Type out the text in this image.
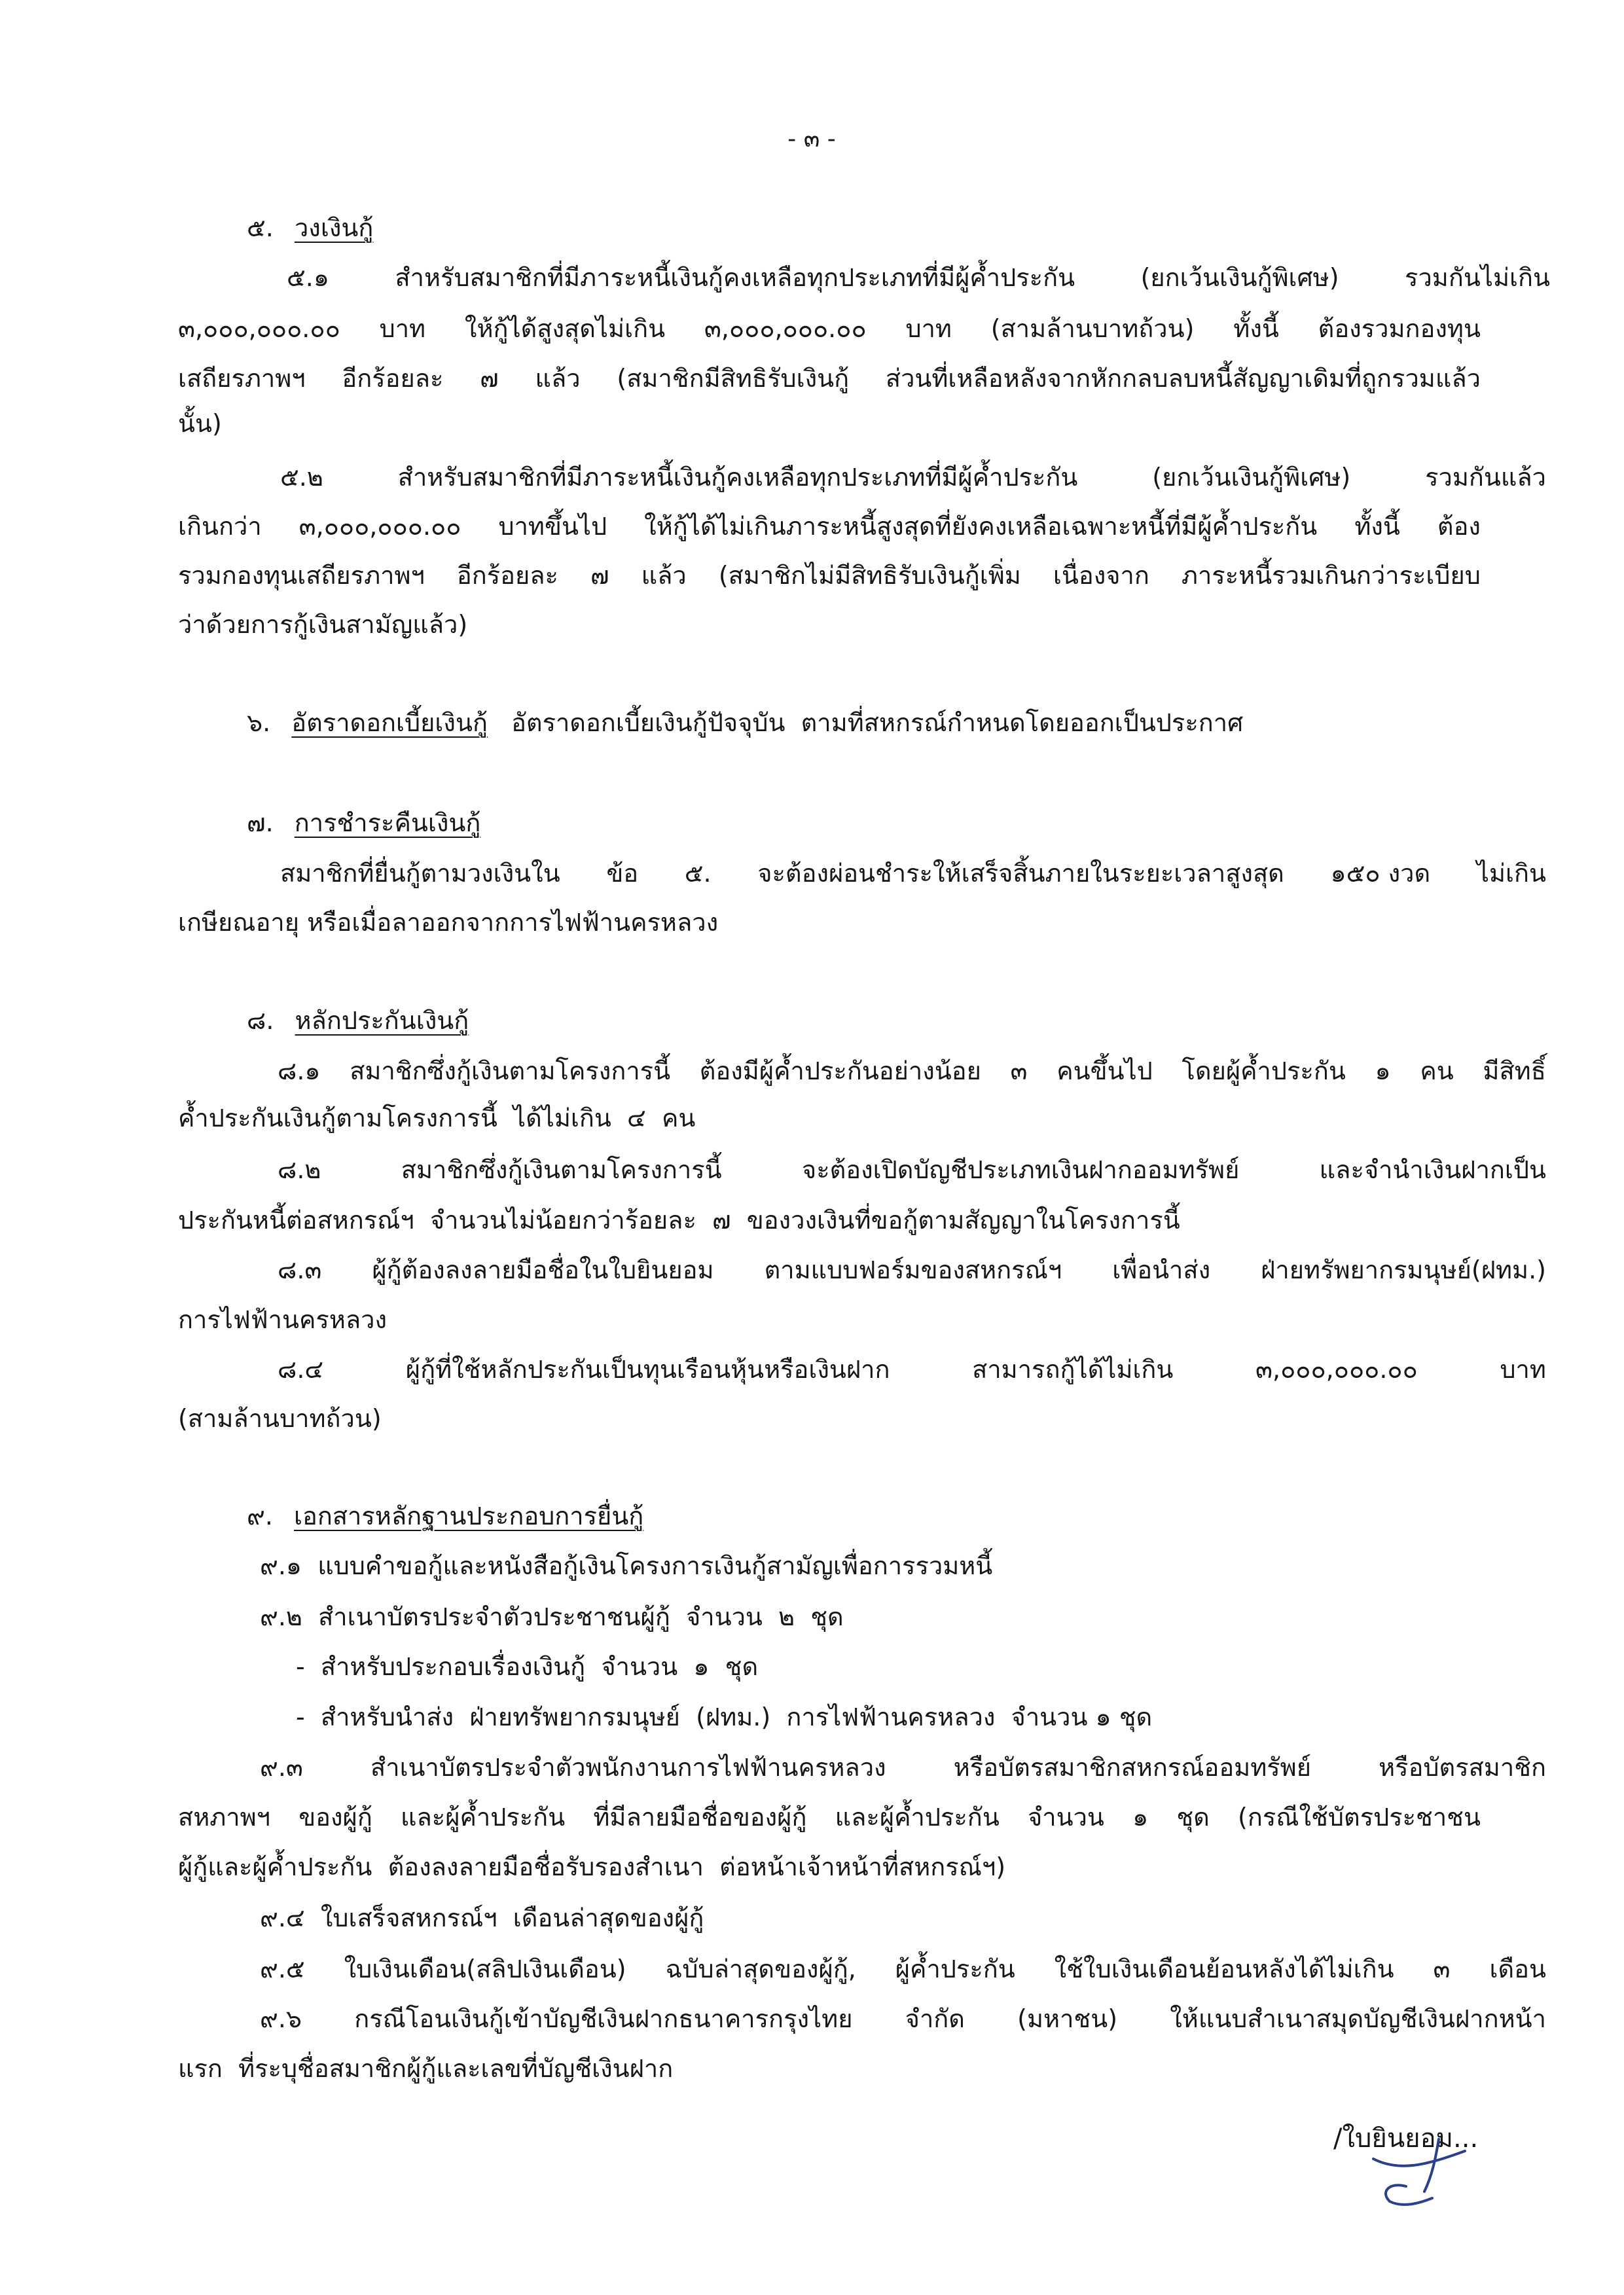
- ๓ -
๕. วงเงินกู้
๕.๑	สำหรับสมาชิกที่มีภาระหนี้เงินกู้คงเหลือทุกประเภทที่มีผู้ค้ำประกัน	(ยกเว้นเงินกู้พิเศษ)	รวมกันไม่เกิน
๓,๐๐๐,๐๐๐.๐๐ บาท ให้กู้ได้สูงสุดไม่เกิน ๓,๐๐๐,๐๐๐.๐๐ บาท (สามล้านบาทถ้วน) ทั้งนี้ ต้องรวมกองทุน
เสถียรภาพฯ อีกร้อยละ ๗ แล้ว (สมาชิกมีสิทธิรับเงินกู้ ส่วนที่เหลือหลังจากหักกลบลบหนี้สัญญาเดิมที่ถูกรวมแล้ว
นั้น)
๕.๒	สำหรับสมาชิกที่มีภาระหนี้เงินกู้คงเหลือทุกประเภทที่มีผู้ค้ำประกัน	(ยกเว้นเงินกู้พิเศษ)	รวมกันแล้ว
เกินกว่า ๓,๐๐๐,๐๐๐.๐๐ บาทขึ้นไป ให้กู้ได้ไม่เกินภาระหนี้สูงสุดที่ยังคงเหลือเฉพาะหนี้ที่มีผู้ค้ำประกัน ทั้งนี้ ต้อง
รวมกองทุนเสถียรภาพฯ อีกร้อยละ ๗ แล้ว (สมาชิกไม่มีสิทธิรับเงินกู้เพิ่ม เนื่องจาก ภาระหนี้รวมเกินกว่าระเบียบ
ว่าด้วยการกู้เงินสามัญแล้ว)
๖. อัตราดอกเบี้ยเงินกู้ อัตราดอกเบี้ยเงินกู้ปัจจุบัน  ตามที่สหกรณ์กำหนดโดยออกเป็นประกาศ
๗. การชำระคืนเงินกู้
สมาชิกที่ยื่นกู้ตามวงเงินใน ข้อ ๕. จะต้องผ่อนชำระให้เสร็จสิ้นภายในระยะเวลาสูงสุด ๑๕๐ งวด ไม่เกิน
เกษียณอายุ หรือเมื่อลาออกจากการไฟฟ้านครหลวง
๘. หลักประกันเงินกู้
๘.๑ สมาชิกซึ่งกู้เงินตามโครงการนี้ ต้องมีผู้ค้ำประกันอย่างน้อย ๓ คนขึ้นไป โดยผู้ค้ำประกัน ๑ คน มีสิทธิ์
ค้ำประกันเงินกู้ตามโครงการนี้  ได้ไม่เกิน  ๔  คน
๘.๒	สมาชิกซึ่งกู้เงินตามโครงการนี้	จะต้องเปิดบัญชีประเภทเงินฝากออมทรัพย์	และจำนำเงินฝากเป็น
ประกันหนี้ต่อสหกรณ์ฯ  จำนวนไม่น้อยกว่าร้อยละ  ๗  ของวงเงินที่ขอกู้ตามสัญญาในโครงการนี้
๘.๓ ผู้กู้ต้องลงลายมือชื่อในใบยินยอม ตามแบบฟอร์มของสหกรณ์ฯ เพื่อนำส่ง ฝ่ายทรัพยากรมนุษย์(ฝทม.)
การไฟฟ้านครหลวง
๘.๔	ผู้กู้ที่ใช้หลักประกันเป็นทุนเรือนหุ้นหรือเงินฝาก	สามารถกู้ได้ไม่เกิน	๓,๐๐๐,๐๐๐.๐๐	บาท
(สามล้านบาทถ้วน)
๙. เอกสารหลักฐานประกอบการยื่นกู้
๙.๑  แบบคำขอกู้และหนังสือกู้เงินโครงการเงินกู้สามัญเพื่อการรวมหนี้
๙.๒  สำเนาบัตรประจำตัวประชาชนผู้กู้  จำนวน  ๒  ชุด
-  สำหรับประกอบเรื่องเงินกู้  จำนวน  ๑  ชุด
-  สำหรับนำส่ง  ฝ่ายทรัพยากรมนุษย์  (ฝทม.)  การไฟฟ้านครหลวง  จำนวน ๑ ชุด
๙.๓	สำเนาบัตรประจำตัวพนักงานการไฟฟ้านครหลวง	หรือบัตรสมาชิกสหกรณ์ออมทรัพย์	หรือบัตรสมาชิก
สหภาพฯ ของผู้กู้ และผู้ค้ำประกัน ที่มีลายมือชื่อของผู้กู้ และผู้ค้ำประกัน จำนวน ๑ ชุด (กรณีใช้บัตรประชาชน
ผู้กู้และผู้ค้ำประกัน  ต้องลงลายมือชื่อรับรองสำเนา  ต่อหน้าเจ้าหน้าที่สหกรณ์ฯ)
๙.๔  ใบเสร็จสหกรณ์ฯ  เดือนล่าสุดของผู้กู้
๙.๕ ใบเงินเดือน(สลิปเงินเดือน) ฉบับล่าสุดของผู้กู้, ผู้ค้ำประกัน ใช้ใบเงินเดือนย้อนหลังได้ไม่เกิน ๓ เดือน
๙.๖ กรณีโอนเงินกู้เข้าบัญชีเงินฝากธนาคารกรุงไทย จำกัด (มหาชน) ให้แนบสำเนาสมุดบัญชีเงินฝากหน้า
แรก  ที่ระบุชื่อสมาชิกผู้กู้และเลขที่บัญชีเงินฝาก
/ใบยินยอม...
